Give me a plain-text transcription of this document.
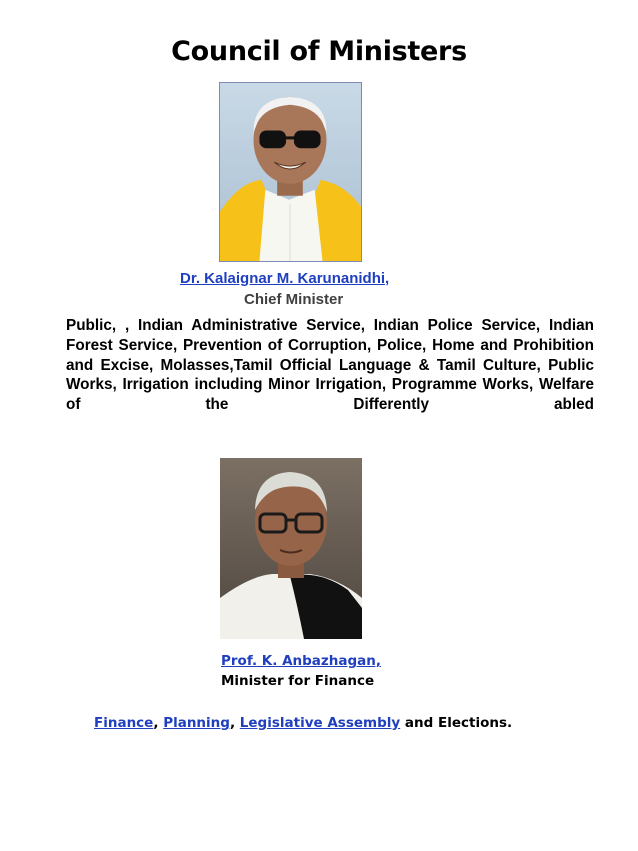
Council of Ministers
Dr. Kalaignar M. Karunanidhi,
Chief Minister
Public, , Indian Administrative Service, Indian Police Service, Indian Forest Service, Prevention of Corruption, Police, Home and Prohibition and Excise, Molasses,Tamil Official Language & Tamil Culture, Public Works, Irrigation including Minor Irrigation, Programme Works, Welfare of the Differently abled
Prof. K. Anbazhagan,
Minister for Finance
Finance, Planning, Legislative Assembly and Elections.
